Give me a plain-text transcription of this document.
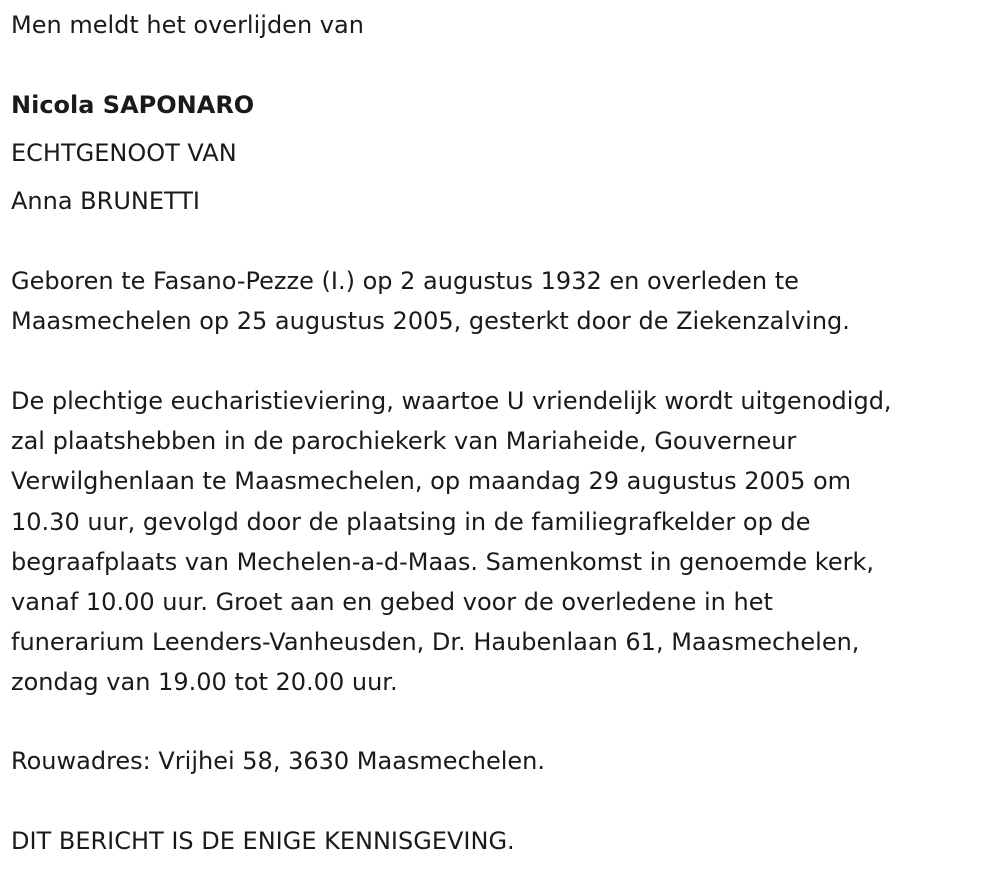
Men meldt het overlijden van
Nicola SAPONARO
ECHTGENOOT VAN
Anna BRUNETTI
Geboren te Fasano-Pezze (I.) op 2 augustus 1932 en overleden te
Maasmechelen op 25 augustus 2005, gesterkt door de Ziekenzalving.
De plechtige eucharistieviering, waartoe U vriendelijk wordt uitgenodigd,
zal plaatshebben in de parochiekerk van Mariaheide, Gouverneur
Verwilghenlaan te Maasmechelen, op maandag 29 augustus 2005 om
10.30 uur, gevolgd door de plaatsing in de familiegrafkelder op de
begraafplaats van Mechelen-a-d-Maas. Samenkomst in genoemde kerk,
vanaf 10.00 uur. Groet aan en gebed voor de overledene in het
funerarium Leenders-Vanheusden, Dr. Haubenlaan 61, Maasmechelen,
zondag van 19.00 tot 20.00 uur.
Rouwadres: Vrijhei 58, 3630 Maasmechelen.
DIT BERICHT IS DE ENIGE KENNISGEVING.
